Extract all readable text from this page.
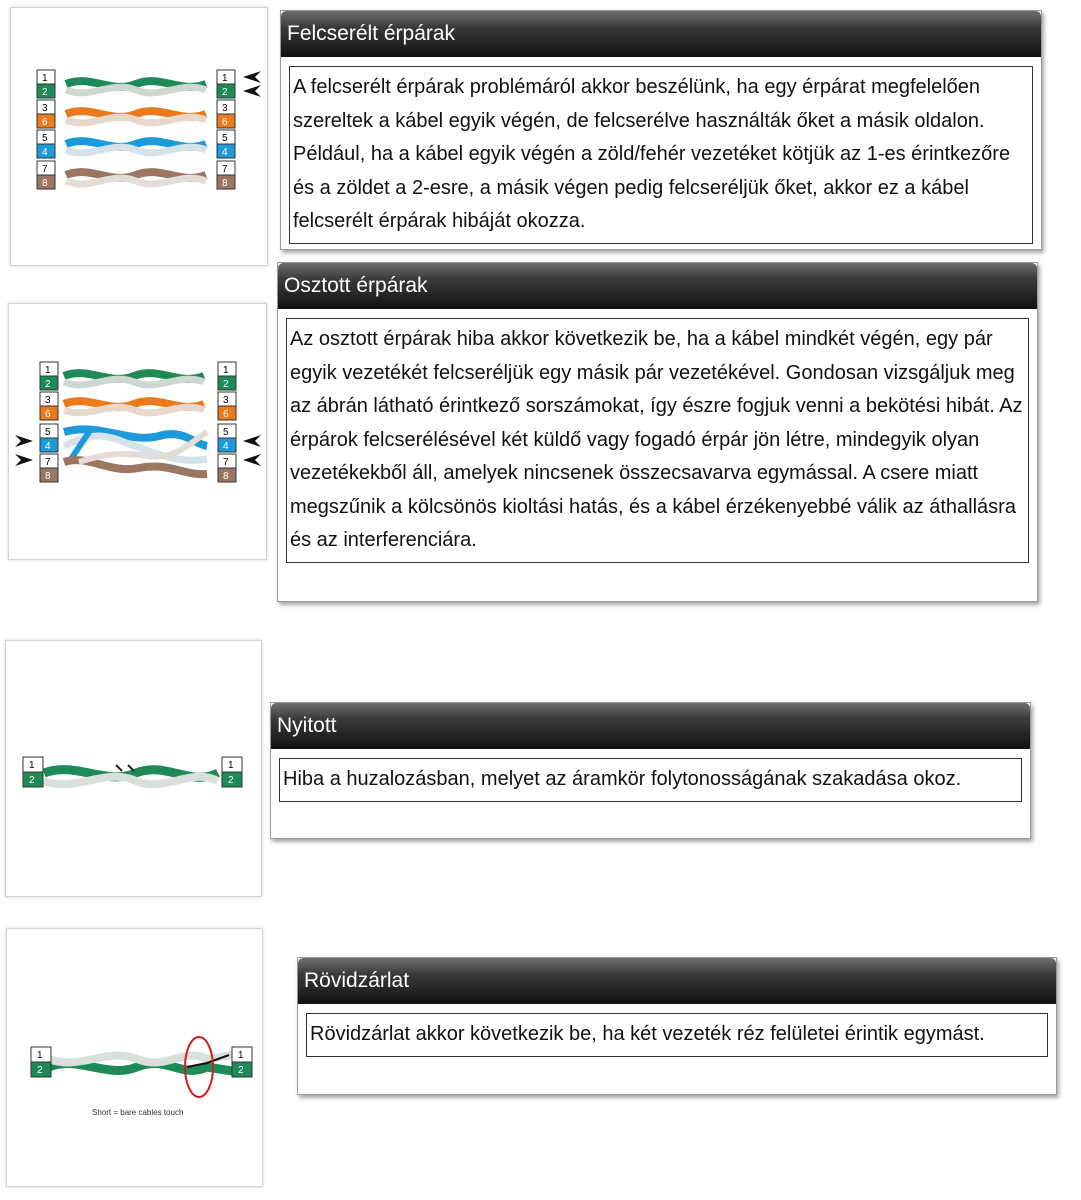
1
2
3
6
5
4
7
8
1
2
3
6
5
4
7
8
Felcserélt érpárak
A felcserélt érpárak problémáról akkor beszélünk, ha egy érpárat megfelelően szereltek a kábel egyik végén, de felcserélve használták őket a másik oldalon. Például, ha a kábel egyik végén a zöld/fehér vezetéket kötjük az 1-es érintkezőre és a zöldet a 2-esre, a másik végen pedig felcseréljük őket, akkor ez a kábel felcserélt érpárak hibáját okozza.
1
2
3
6
5
4
7
8
1
2
3
6
5
4
7
8
Osztott érpárak
Az osztott érpárak hiba akkor következik be, ha a kábel mindkét végén, egy pár egyik vezetékét felcseréljük egy másik pár vezetékével. Gondosan vizsgáljuk meg az ábrán látható érintkező sorszámokat, így észre fogjuk venni a bekötési hibát. Az érpárok felcserélésével két küldő vagy fogadó érpár jön létre, mindegyik olyan vezetékekből áll, amelyek nincsenek összecsavarva egymással. A csere miatt megszűnik a kölcsönös kioltási hatás, és a kábel érzékenyebbé válik az áthallásra és az interferenciára.
1
2
1
2
Nyitott
Hiba a huzalozásban, melyet az áramkör folytonosságának szakadása okoz.
1
2
1
2
Short = bare cables touch
Rövidzárlat
Rövidzárlat akkor következik be, ha két vezeték réz felületei érintik egymást.
